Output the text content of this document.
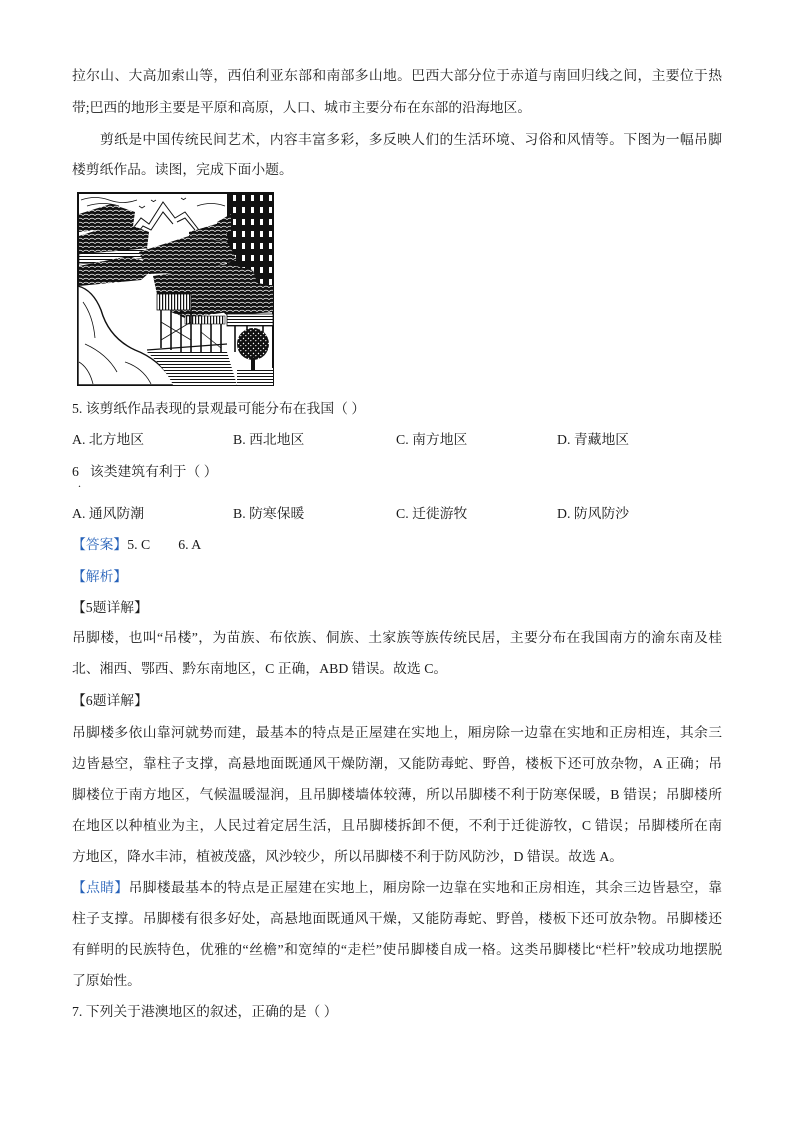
拉尔山、大高加索山等，西伯利亚东部和南部多山地。巴西大部分位于赤道与南回归线之间，主要位于热
带;巴西的地形主要是平原和高原，人口、城市主要分布在东部的沿海地区。
剪纸是中国传统民间艺术，内容丰富多彩，多反映人们的生活环境、习俗和风情等。下图为一幅吊脚
楼剪纸作品。读图，完成下面小题。
5. 该剪纸作品表现的景观最可能分布在我国（ ）
A. 北方地区	B. 西北地区	C. 南方地区	D. 青藏地区
6 该类建筑有利于（ ）
.
A. 通风防潮	B. 防寒保暖	C. 迁徙游牧	D. 防风防沙
【答案】5. C 6. A
【解析】
【5题详解】
吊脚楼，也叫“吊楼”，为苗族、布依族、侗族、土家族等族传统民居，主要分布在我国南方的渝东南及桂
北、湘西、鄂西、黔东南地区，C 正确，ABD 错误。故选 C。
【6题详解】
吊脚楼多依山靠河就势而建，最基本的特点是正屋建在实地上，厢房除一边靠在实地和正房相连，其余三
边皆悬空，靠柱子支撑，高悬地面既通风干燥防潮，又能防毒蛇、野兽，楼板下还可放杂物，A 正确；吊
脚楼位于南方地区，气候温暖湿润，且吊脚楼墙体较薄，所以吊脚楼不利于防寒保暖，B 错误；吊脚楼所
在地区以种植业为主，人民过着定居生活，且吊脚楼拆卸不便，不利于迁徙游牧，C 错误；吊脚楼所在南
方地区，降水丰沛，植被茂盛，风沙较少，所以吊脚楼不利于防风防沙，D 错误。故选 A。
【点睛】吊脚楼最基本的特点是正屋建在实地上，厢房除一边靠在实地和正房相连，其余三边皆悬空，靠
柱子支撑。吊脚楼有很多好处，高悬地面既通风干燥，又能防毒蛇、野兽，楼板下还可放杂物。吊脚楼还
有鲜明的民族特色，优雅的“丝檐”和宽绰的“走栏”使吊脚楼自成一格。这类吊脚楼比“栏杆”较成功地摆脱
了原始性。
7. 下列关于港澳地区的叙述，正确的是（ ）
